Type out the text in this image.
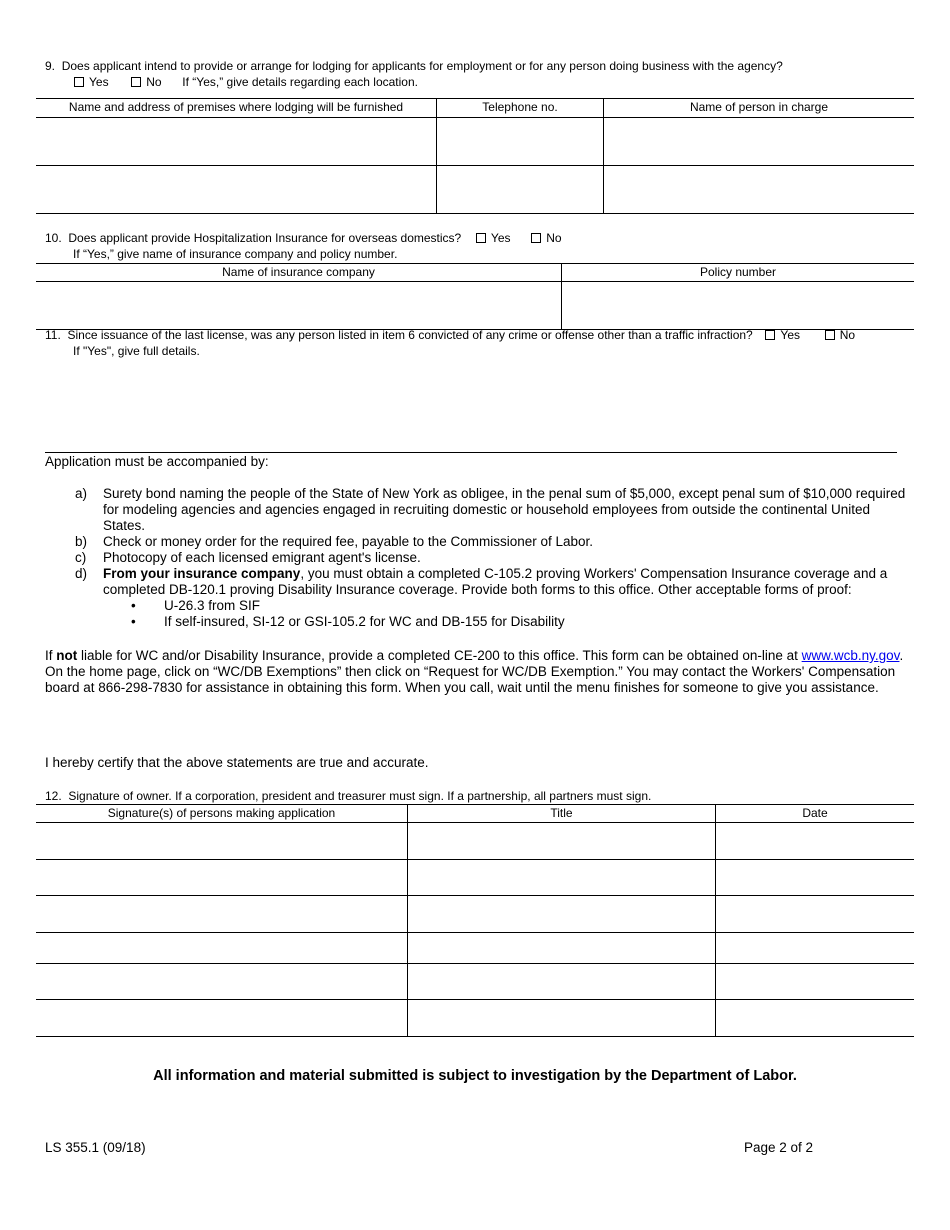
9. Does applicant intend to provide or arrange for lodging for applicants for employment or for any person doing business with the agency?
Yes	No If “Yes,” give details regarding each location.
Name and address of premises where lodging will be furnished	Telephone no.	Name of person in charge
10. Does applicant provide Hospitalization Insurance for overseas domestics? Yes	No
If “Yes,” give name of insurance company and policy number.
Name of insurance company	Policy number
11. Since issuance of the last license, was any person listed in item 6 convicted of any crime or offense other than a traffic infraction? Yes	No
If "Yes", give full details.
Application must be accompanied by:
a) Surety bond naming the people of the State of New York as obligee, in the penal sum of $5,000, except penal sum of $10,000 required for modeling agencies and agencies engaged in recruiting domestic or household employees from outside the continental United States.
b) Check or money order for the required fee, payable to the Commissioner of Labor.
c) Photocopy of each licensed emigrant agent's license.
d) From your insurance company, you must obtain a completed C-105.2 proving Workers' Compensation Insurance coverage and a completed DB-120.1 proving Disability Insurance coverage. Provide both forms to this office. Other acceptable forms of proof:
• U-26.3 from SIF
• If self-insured, SI-12 or GSI-105.2 for WC and DB-155 for Disability
If not liable for WC and/or Disability Insurance, provide a completed CE-200 to this office. This form can be obtained on-line at www.wcb.ny.gov. On the home page, click on “WC/DB Exemptions” then click on “Request for WC/DB Exemption.” You may contact the Workers' Compensation board at 866-298-7830 for assistance in obtaining this form. When you call, wait until the menu finishes for someone to give you assistance.
I hereby certify that the above statements are true and accurate.
12. Signature of owner. If a corporation, president and treasurer must sign. If a partnership, all partners must sign.
Signature(s) of persons making application	Title	Date
All information and material submitted is subject to investigation by the Department of Labor.
LS 355.1 (09/18)	Page 2 of 2
